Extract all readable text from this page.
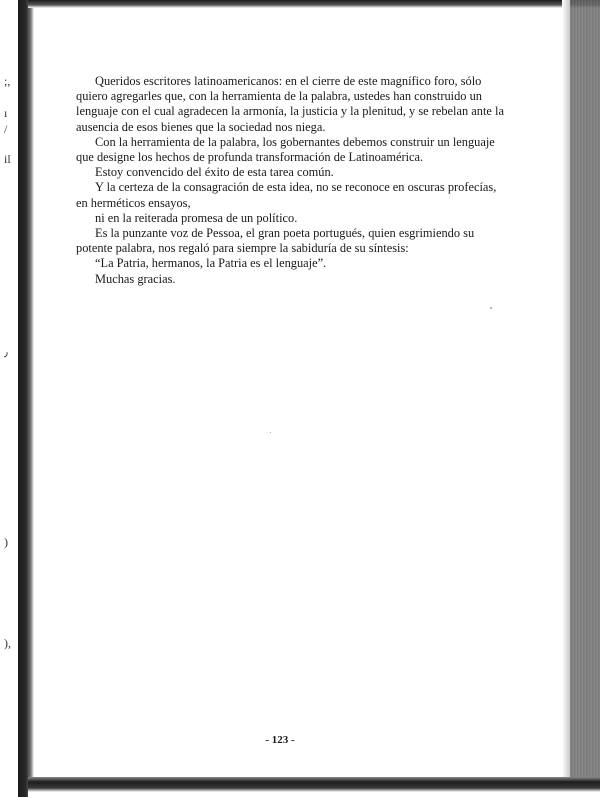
;,
ı
/
il
٫
)
),

Queridos escritores latinoamericanos: en el cierre de este magnífico foro, sólo quiero agregarles que, con la herramienta de la palabra, ustedes han construido un lenguaje con el cual agradecen la armonía, la justicia y la plenitud, y se rebelan ante la ausencia de esos bienes que la sociedad nos niega.

Con la herramienta de la palabra, los gobernantes debemos construir un lenguaje que designe los hechos de profunda transformación de Latinoamérica.

Estoy convencido del éxito de esta tarea común.

Y la certeza de la consagración de esta idea, no se reconoce en oscuras profecías, en herméticos ensayos,

ni en la reiterada promesa de un político.

Es la punzante voz de Pessoa, el gran poeta portugués, quien esgrimiendo su potente palabra, nos regaló para siempre la sabiduría de su síntesis:

“La Patria, hermanos, la Patria es el lenguaje”.

Muchas gracias.

- 123 -
